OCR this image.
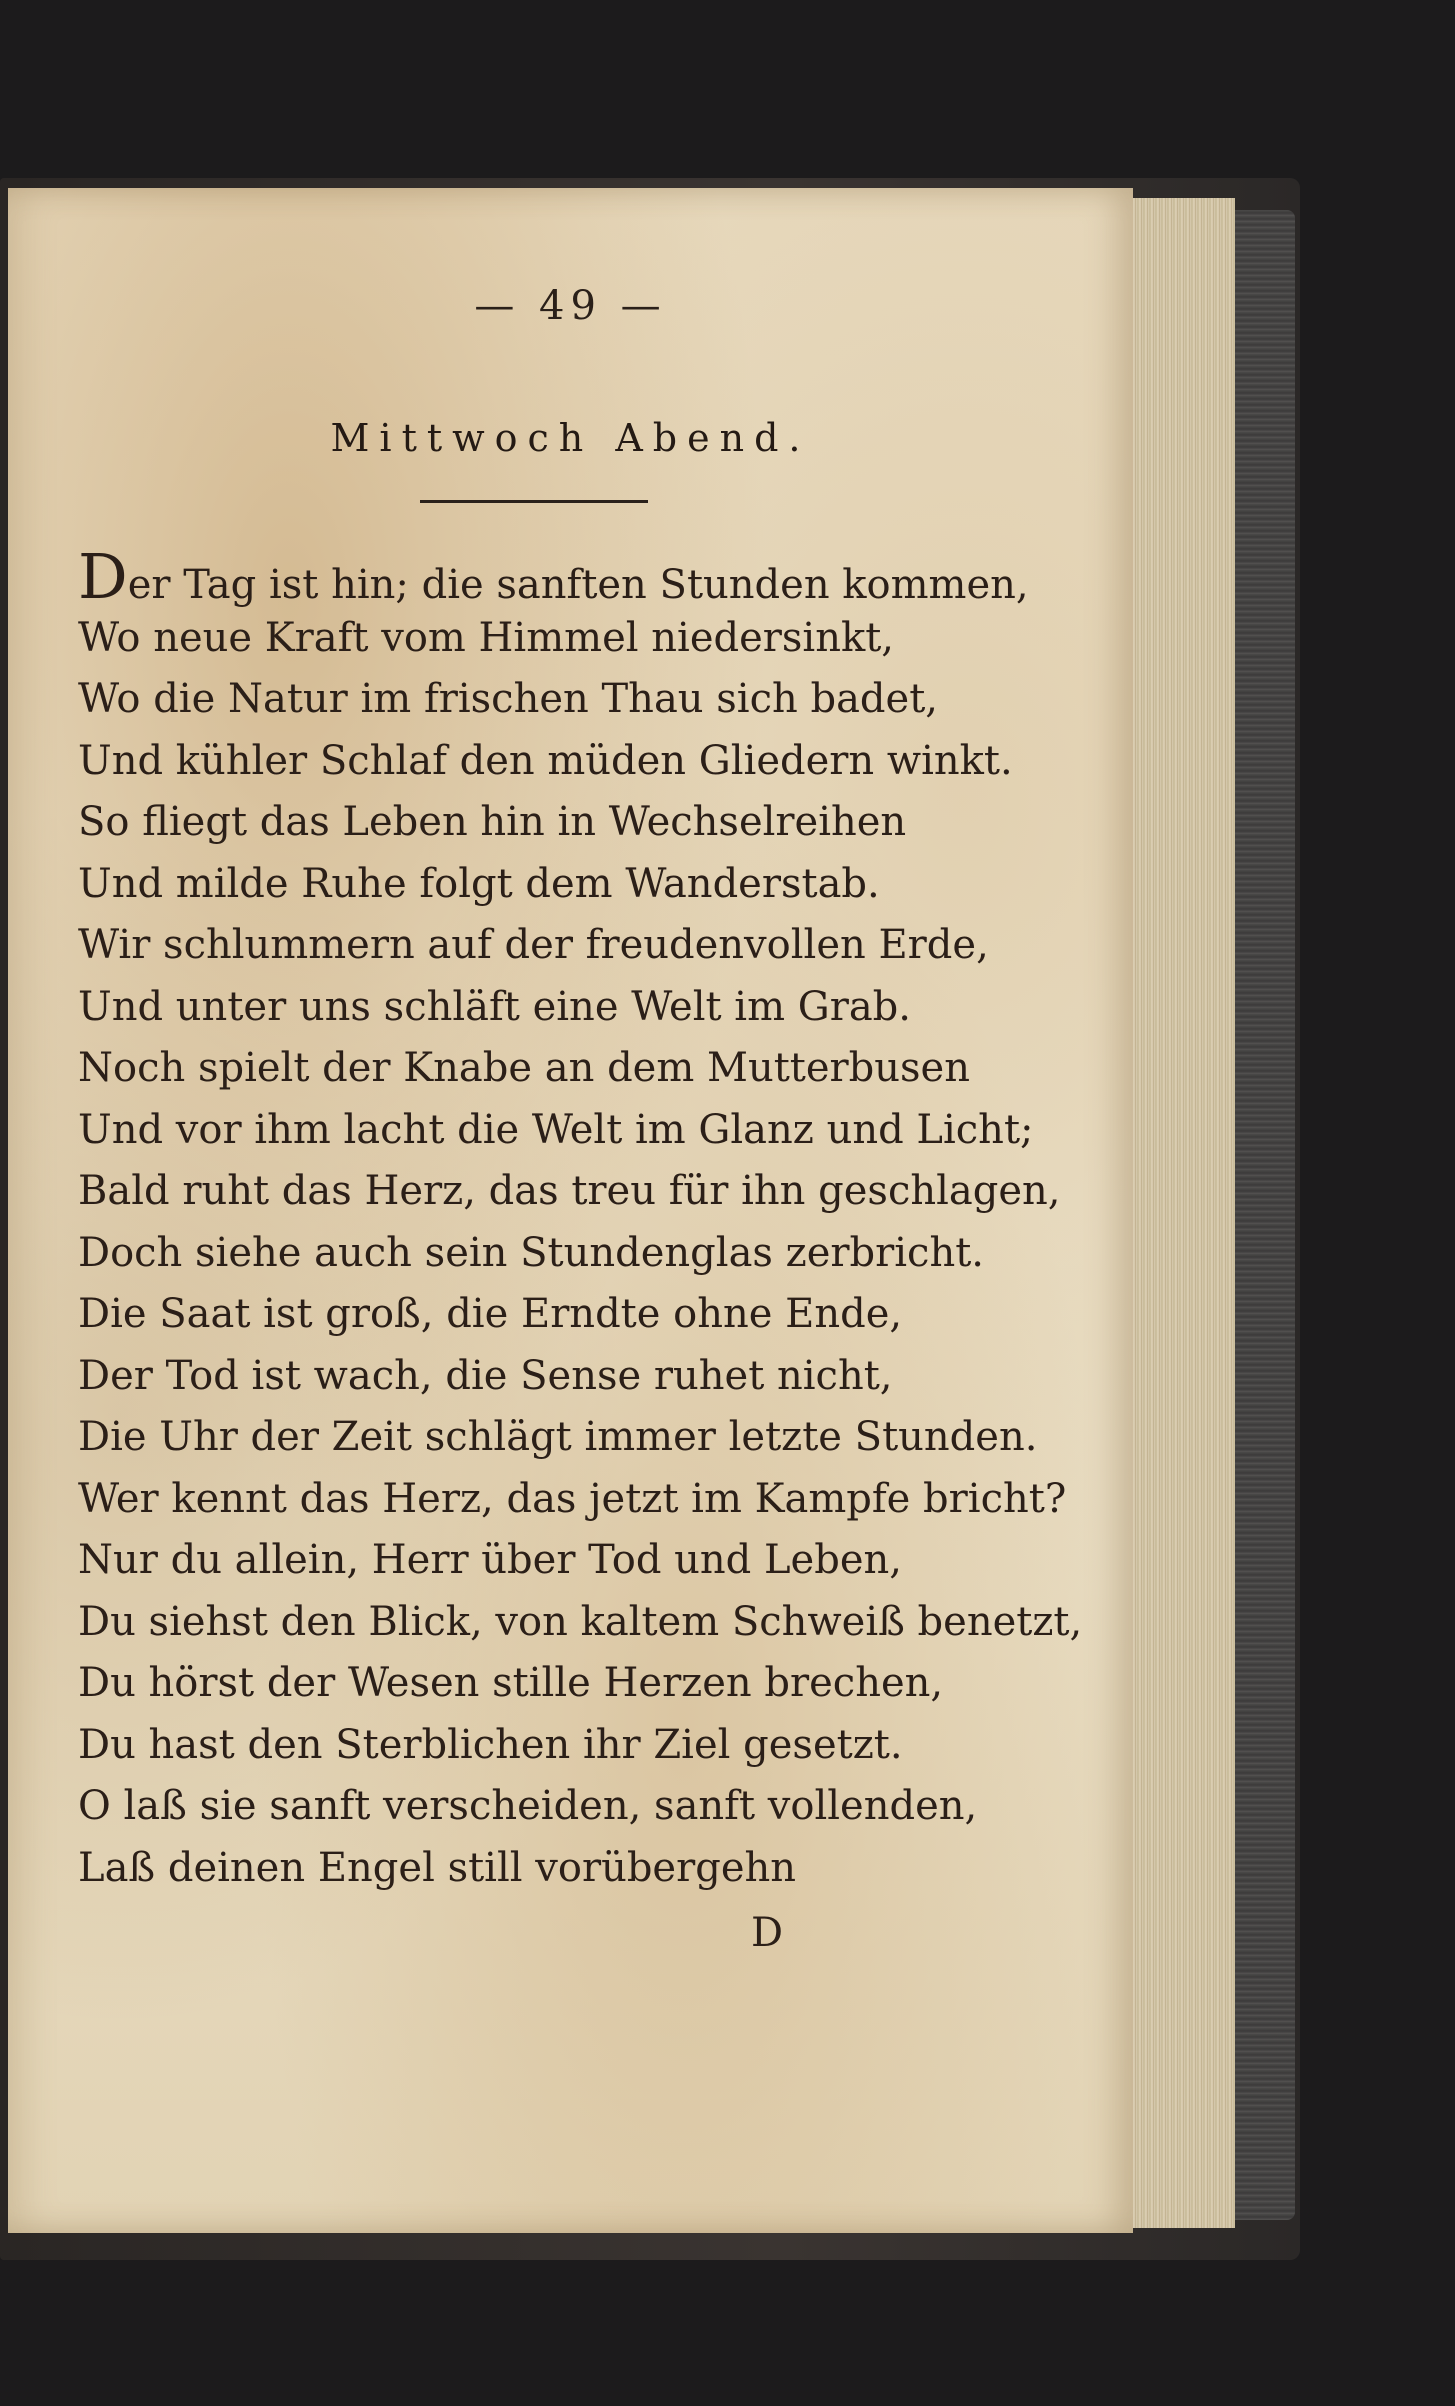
— 49 —
Mittwoch Abend.
Der Tag ist hin; die sanften Stunden kommen,
Wo neue Kraft vom Himmel niedersinkt,
Wo die Natur im frischen Thau sich badet,
Und kühler Schlaf den müden Gliedern winkt.
So fliegt das Leben hin in Wechselreihen
Und milde Ruhe folgt dem Wanderstab.
Wir schlummern auf der freudenvollen Erde,
Und unter uns schläft eine Welt im Grab.
Noch spielt der Knabe an dem Mutterbusen
Und vor ihm lacht die Welt im Glanz und Licht;
Bald ruht das Herz, das treu für ihn geschlagen,
Doch siehe auch sein Stundenglas zerbricht.
Die Saat ist groß, die Erndte ohne Ende,
Der Tod ist wach, die Sense ruhet nicht,
Die Uhr der Zeit schlägt immer letzte Stunden.
Wer kennt das Herz, das jetzt im Kampfe bricht?
Nur du allein, Herr über Tod und Leben,
Du siehst den Blick, von kaltem Schweiß benetzt,
Du hörst der Wesen stille Herzen brechen,
Du hast den Sterblichen ihr Ziel gesetzt.
O laß sie sanft verscheiden, sanft vollenden,
Laß deinen Engel still vorübergehn
D
